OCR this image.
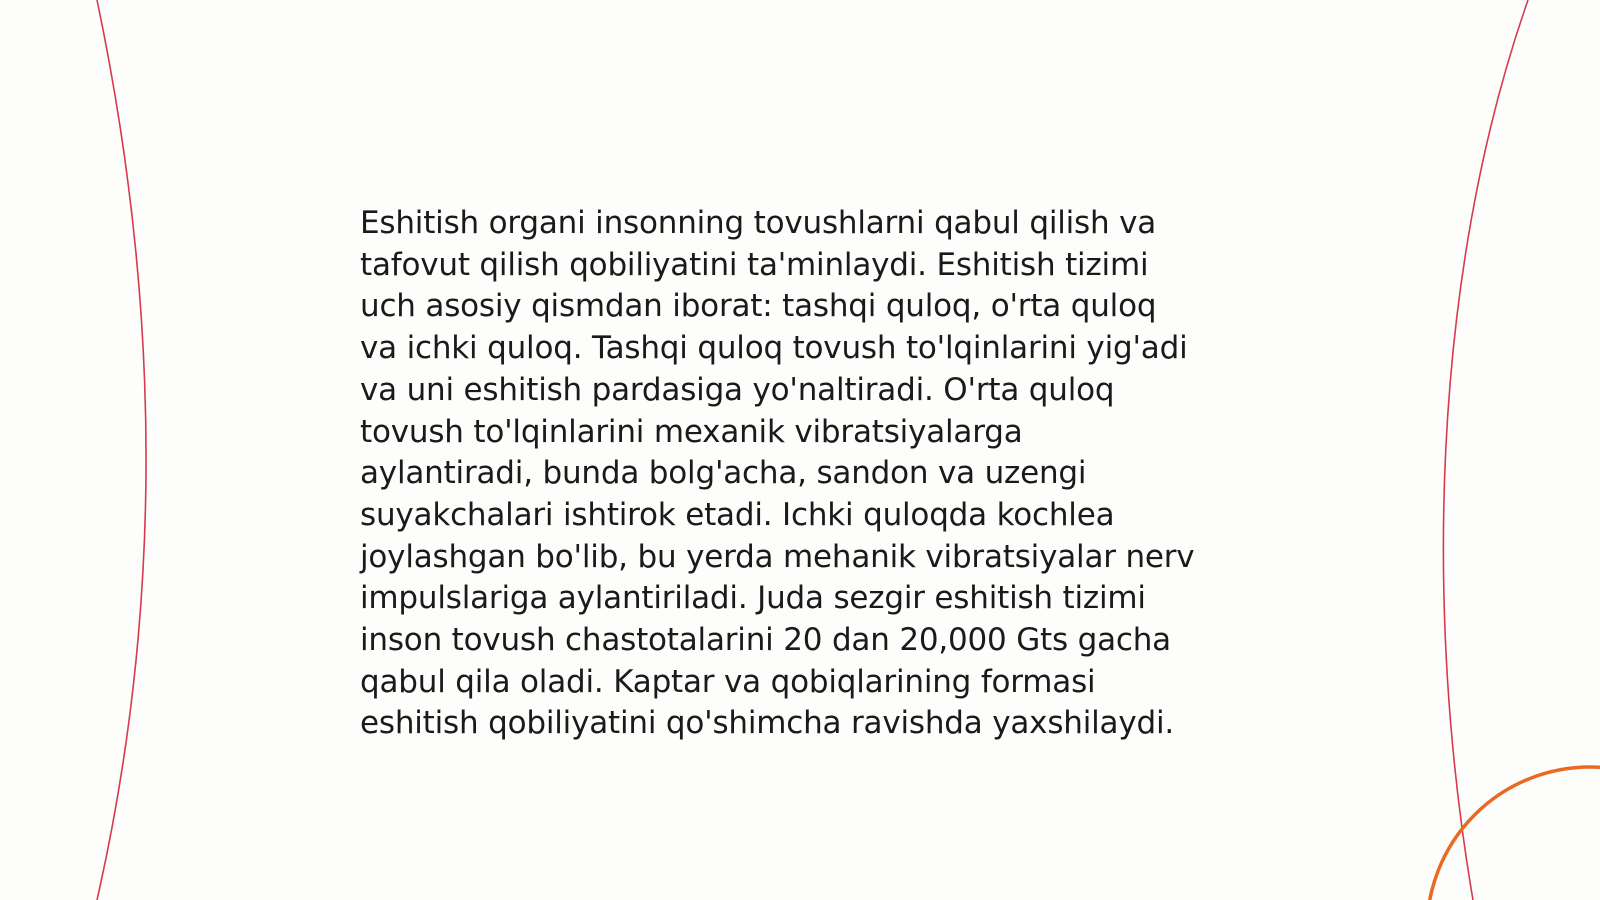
Eshitish organi insonning tovushlarni qabul qilish va
tafovut qilish qobiliyatini ta'minlaydi. Eshitish tizimi
uch asosiy qismdan iborat: tashqi quloq, o'rta quloq
va ichki quloq. Tashqi quloq tovush to'lqinlarini yig'adi
va uni eshitish pardasiga yo'naltiradi. O'rta quloq
tovush to'lqinlarini mexanik vibratsiyalarga
aylantiradi, bunda bolg'acha, sandon va uzengi
suyakchalari ishtirok etadi. Ichki quloqda kochlea
joylashgan bo'lib, bu yerda mehanik vibratsiyalar nerv
impulslariga aylantiriladi. Juda sezgir eshitish tizimi
inson tovush chastotalarini 20 dan 20,000 Gts gacha
qabul qila oladi. Kaptar va qobiqlarining formasi
eshitish qobiliyatini qo'shimcha ravishda yaxshilaydi.
